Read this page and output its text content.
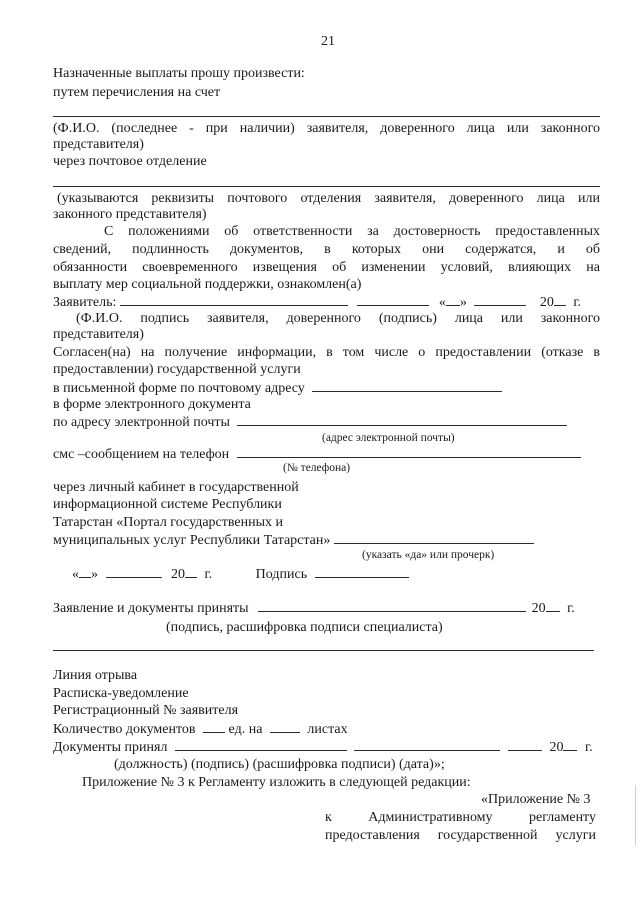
21
Назначенные выплаты прошу произвести:
путем перечисления на счет
(Ф.И.О. (последнее - при наличии) заявителя, доверенного лица или законного
представителя)
через почтовое отделение
(указываются реквизиты почтового отделения заявителя, доверенного лица или
законного представителя)
С положениями об ответственности за достоверность предоставленных
сведений, подлинность документов, в которых они содержатся, и об
обязанности своевременного извещения об изменении условий, влияющих на
выплату мер социальной поддержки, ознакомлен(а)
Заявитель:	« »	20 г.
(Ф.И.О. подпись заявителя, доверенного (подпись) лица или законного
представителя)
Согласен(на) на получение информации, в том числе о предоставлении (отказе в
предоставлении) государственной услуги
в письменной форме по почтовому адресу
в форме электронного документа
по адресу электронной почты
(адрес электронной почты)
смс –сообщением на телефон
(№ телефона)
через личный кабинет в государственной
информационной системе Республики
Татарстан «Портал государственных и
муниципальных услуг Республики Татарстан»
(указать «да» или прочерк)
« »	20 г.	Подпись
Заявление и документы приняты	20 г.
(подпись, расшифровка подписи специалиста)
Линия отрыва
Расписка-уведомление
Регистрационный № заявителя
Количество документов ед. на	листах
Документы принял	20 г.
(должность) (подпись) (расшифровка подписи) (дата)»;
Приложение № 3 к Регламенту изложить в следующей редакции:
«Приложение № 3
к Административному регламенту
предоставления государственной услуги
